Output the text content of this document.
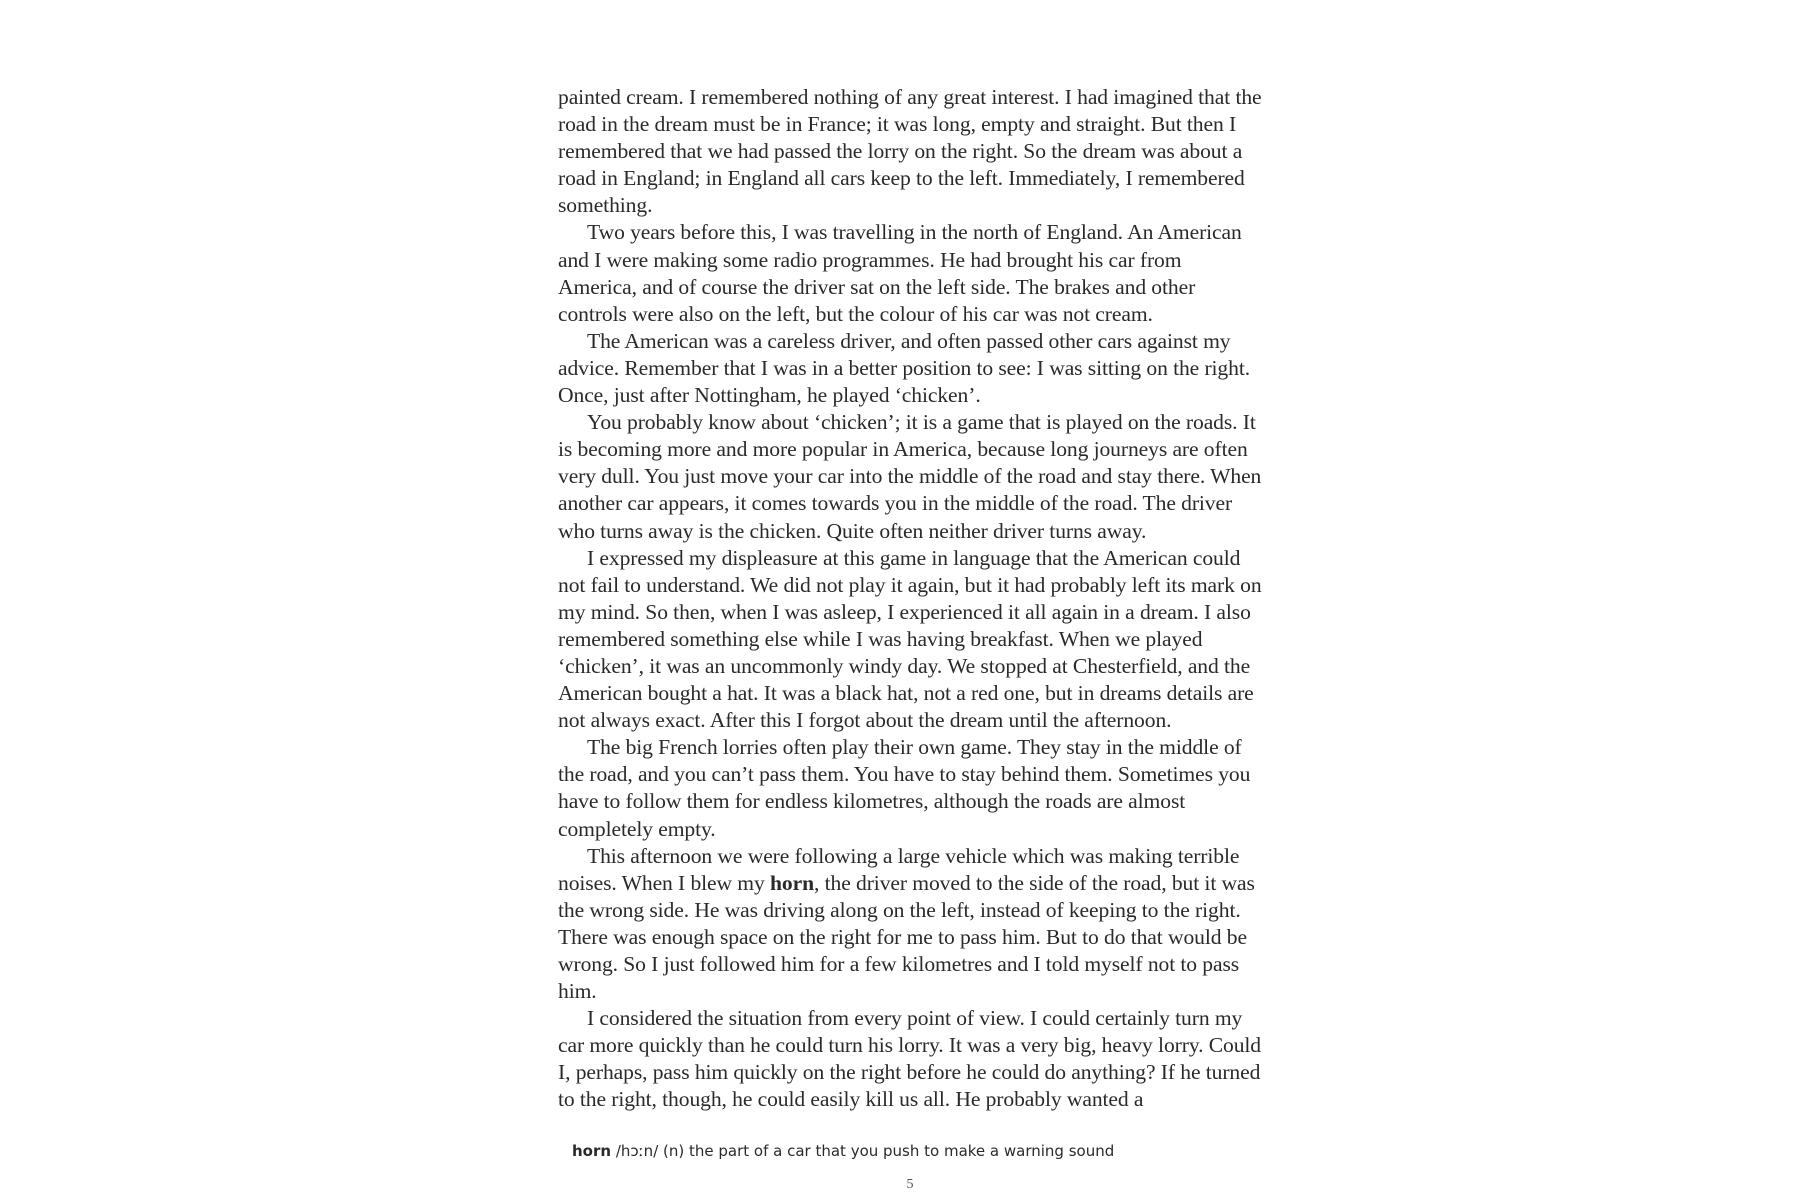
painted cream. I remembered nothing of any great interest. I had imagined that the road in the dream must be in France; it was long, empty and straight. But then I remembered that we had passed the lorry on the right. So the dream was about a road in England; in England all cars keep to the left. Immediately, I remembered something.

Two years before this, I was travelling in the north of England. An American and I were making some radio programmes. He had brought his car from America, and of course the driver sat on the left side. The brakes and other controls were also on the left, but the colour of his car was not cream.

The American was a careless driver, and often passed other cars against my advice. Remember that I was in a better position to see: I was sitting on the right. Once, just after Nottingham, he played ‘chicken’.

You probably know about ‘chicken’; it is a game that is played on the roads. It is becoming more and more popular in America, because long journeys are often very dull. You just move your car into the middle of the road and stay there. When another car appears, it comes towards you in the middle of the road. The driver who turns away is the chicken. Quite often neither driver turns away.

I expressed my displeasure at this game in language that the American could not fail to understand. We did not play it again, but it had probably left its mark on my mind. So then, when I was asleep, I experienced it all again in a dream. I also remembered something else while I was having breakfast. When we played ‘chicken’, it was an uncommonly windy day. We stopped at Chesterfield, and the American bought a hat. It was a black hat, not a red one, but in dreams details are not always exact. After this I forgot about the dream until the afternoon.

The big French lorries often play their own game. They stay in the middle of the road, and you can’t pass them. You have to stay behind them. Sometimes you have to follow them for endless kilometres, although the roads are almost completely empty.

This afternoon we were following a large vehicle which was making terrible noises. When I blew my horn, the driver moved to the side of the road, but it was the wrong side. He was driving along on the left, instead of keeping to the right. There was enough space on the right for me to pass him. But to do that would be wrong. So I just followed him for a few kilometres and I told myself not to pass him.

I considered the situation from every point of view. I could certainly turn my car more quickly than he could turn his lorry. It was a very big, heavy lorry. Could I, perhaps, pass him quickly on the right before he could do anything? If he turned to the right, though, he could easily kill us all. He probably wanted a

horn /hɔːn/ (n) the part of a car that you push to make a warning sound
5
